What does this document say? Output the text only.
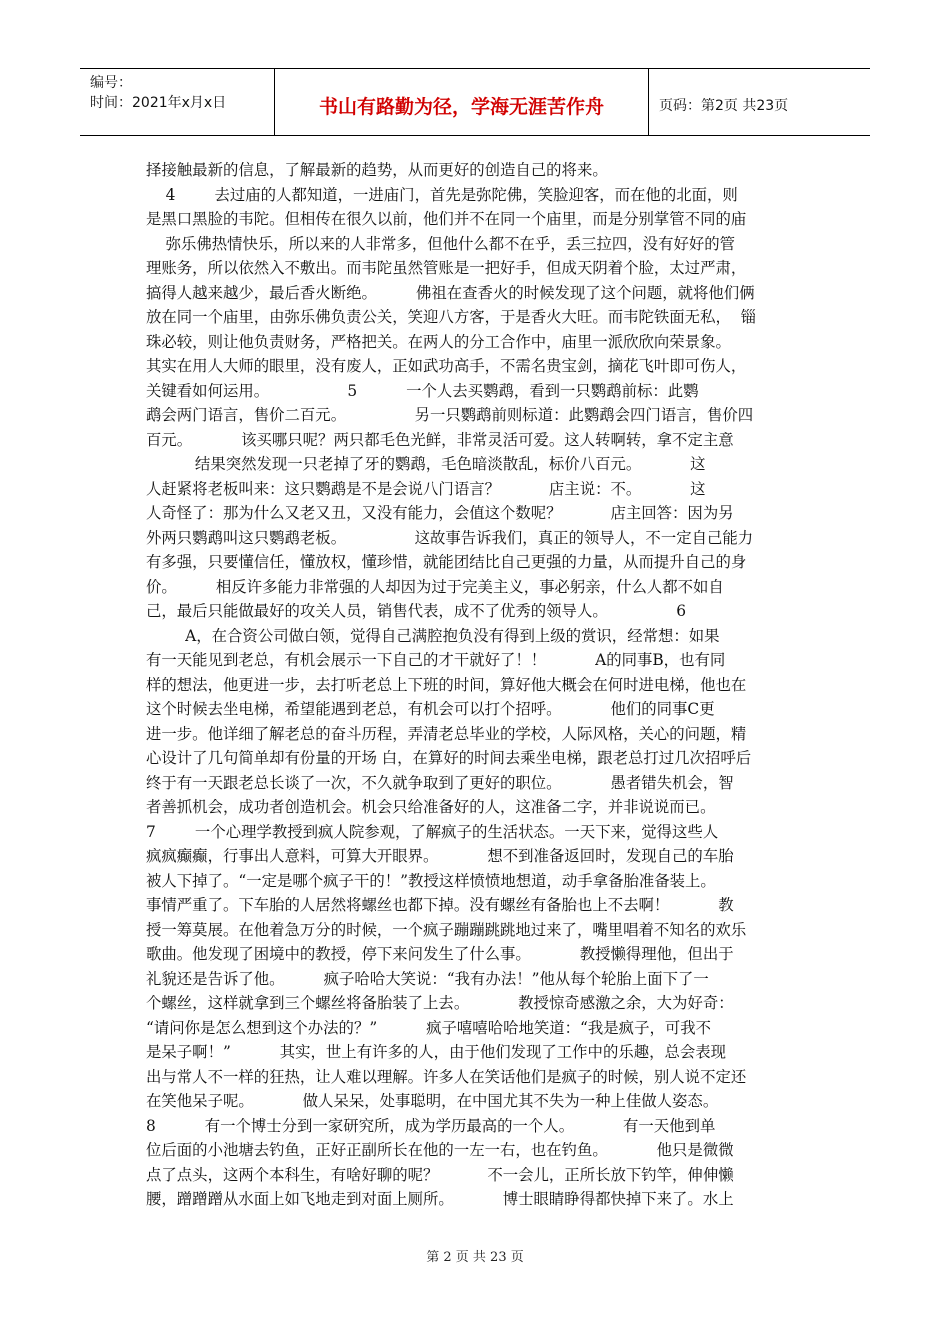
编号：
时间：2021年x月x日	书山有路勤为径，学海无涯苦作舟	页码：第2页 共23页
择接触最新的信息，了解最新的趋势，从而更好的创造自己的将来。
4        去过庙的人都知道，一进庙门，首先是弥陀佛，笑脸迎客，而在他的北面，则
是黑口黑脸的韦陀。但相传在很久以前，他们并不在同一个庙里，而是分别掌管不同的庙
弥乐佛热情快乐，所以来的人非常多，但他什么都不在乎，丢三拉四，没有好好的管
理账务，所以依然入不敷出。而韦陀虽然管账是一把好手，但成天阴着个脸，太过严肃，
搞得人越来越少，最后香火断绝。        佛祖在查香火的时候发现了这个问题，就将他们俩
放在同一个庙里，由弥乐佛负责公关，笑迎八方客，于是香火大旺。而韦陀铁面无私，  锱
珠必较，则让他负责财务，严格把关。在两人的分工合作中，庙里一派欣欣向荣景象。
其实在用人大师的眼里，没有废人，正如武功高手，不需名贵宝剑，摘花飞叶即可伤人，
关键看如何运用。                5          一个人去买鹦鹉，看到一只鹦鹉前标：此鹦
鹉会两门语言，售价二百元。              另一只鹦鹉前则标道：此鹦鹉会四门语言，售价四
百元。          该买哪只呢？两只都毛色光鲜，非常灵活可爱。这人转啊转，拿不定主意
结果突然发现一只老掉了牙的鹦鹉，毛色暗淡散乱，标价八百元。          这
人赶紧将老板叫来：这只鹦鹉是不是会说八门语言？          店主说：不。          这
人奇怪了：那为什么又老又丑，又没有能力，会值这个数呢？          店主回答：因为另
外两只鹦鹉叫这只鹦鹉老板。              这故事告诉我们，真正的领导人，不一定自己能力
有多强，只要懂信任，懂放权，懂珍惜，就能团结比自己更强的力量，从而提升自己的身
价。        相反许多能力非常强的人却因为过于完美主义，事必躬亲，什么人都不如自
己，最后只能做最好的攻关人员，销售代表，成不了优秀的领导人。              6
A，在合资公司做白领，觉得自己满腔抱负没有得到上级的赏识，经常想：如果
有一天能见到老总，有机会展示一下自己的才干就好了！！          A的同事B，也有同
样的想法，他更进一步，去打听老总上下班的时间，算好他大概会在何时进电梯，他也在
这个时候去坐电梯，希望能遇到老总，有机会可以打个招呼。          他们的同事C更
进一步。他详细了解老总的奋斗历程，弄清老总毕业的学校，人际风格，关心的问题，精
心设计了几句简单却有份量的开场 白，在算好的时间去乘坐电梯，跟老总打过几次招呼后
终于有一天跟老总长谈了一次，不久就争取到了更好的职位。          愚者错失机会，智
者善抓机会，成功者创造机会。机会只给准备好的人，这准备二字，并非说说而已。
7        一个心理学教授到疯人院参观，了解疯子的生活状态。一天下来，觉得这些人
疯疯癫癫，行事出人意料，可算大开眼界。          想不到准备返回时，发现自己的车胎
被人下掉了。“一定是哪个疯子干的！”教授这样愤愤地想道，动手拿备胎准备装上。
事情严重了。下车胎的人居然将螺丝也都下掉。没有螺丝有备胎也上不去啊！          教
授一筹莫展。在他着急万分的时候，一个疯子蹦蹦跳跳地过来了，嘴里唱着不知名的欢乐
歌曲。他发现了困境中的教授，停下来问发生了什么事。          教授懒得理他，但出于
礼貌还是告诉了他。        疯子哈哈大笑说：“我有办法！”他从每个轮胎上面下了一
个螺丝，这样就拿到三个螺丝将备胎装了上去。          教授惊奇感激之余，大为好奇：
“请问你是怎么想到这个办法的？”          疯子嘻嘻哈哈地笑道：“我是疯子，可我不
是呆子啊！”          其实，世上有许多的人，由于他们发现了工作中的乐趣，总会表现
出与常人不一样的狂热，让人难以理解。许多人在笑话他们是疯子的时候，别人说不定还
在笑他呆子呢。          做人呆呆，处事聪明，在中国尤其不失为一种上佳做人姿态。
8          有一个博士分到一家研究所，成为学历最高的一个人。          有一天他到单
位后面的小池塘去钓鱼，正好正副所长在他的一左一右，也在钓鱼。          他只是微微
点了点头，这两个本科生，有啥好聊的呢？          不一会儿，正所长放下钓竿，伸伸懒
腰，蹭蹭蹭从水面上如飞地走到对面上厕所。          博士眼睛睁得都快掉下来了。水上
第 2 页 共 23 页
